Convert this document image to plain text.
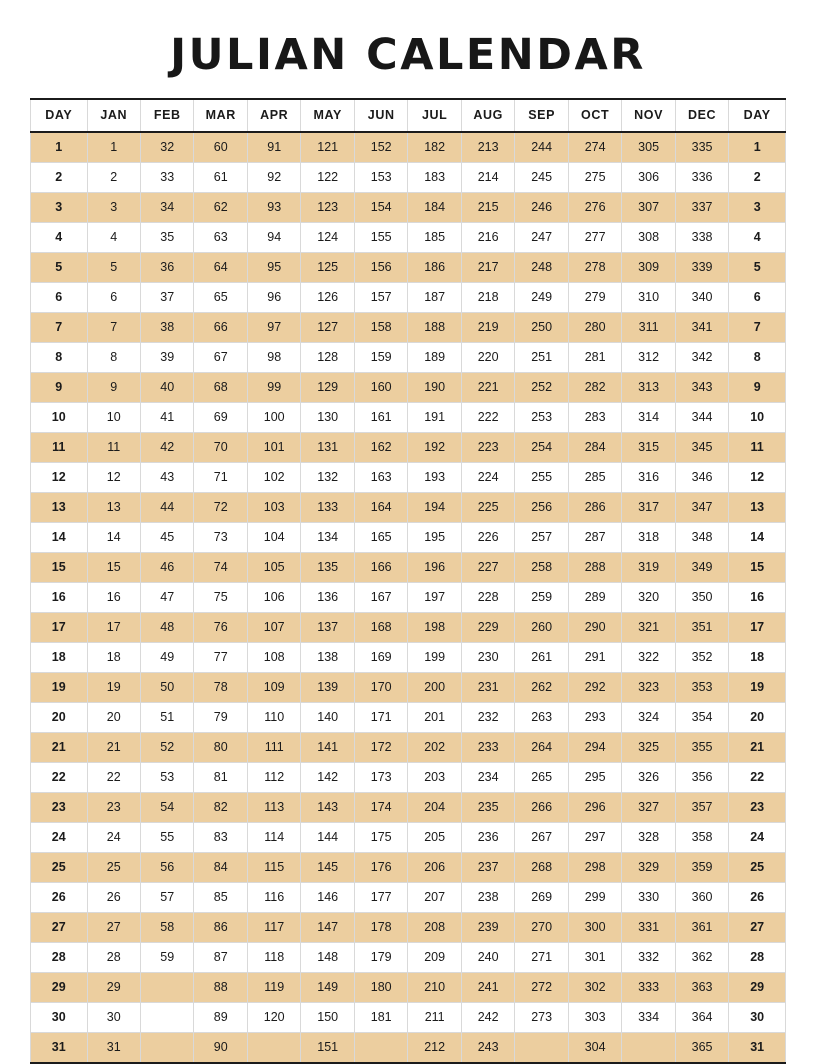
JULIAN CALENDAR
DAY	JAN	FEB	MAR	APR	MAY	JUN	JUL	AUG	SEP	OCT	NOV	DEC	DAY
1	1	32	60	91	121	152	182	213	244	274	305	335	1
2	2	33	61	92	122	153	183	214	245	275	306	336	2
3	3	34	62	93	123	154	184	215	246	276	307	337	3
4	4	35	63	94	124	155	185	216	247	277	308	338	4
5	5	36	64	95	125	156	186	217	248	278	309	339	5
6	6	37	65	96	126	157	187	218	249	279	310	340	6
7	7	38	66	97	127	158	188	219	250	280	311	341	7
8	8	39	67	98	128	159	189	220	251	281	312	342	8
9	9	40	68	99	129	160	190	221	252	282	313	343	9
10	10	41	69	100	130	161	191	222	253	283	314	344	10
11	11	42	70	101	131	162	192	223	254	284	315	345	11
12	12	43	71	102	132	163	193	224	255	285	316	346	12
13	13	44	72	103	133	164	194	225	256	286	317	347	13
14	14	45	73	104	134	165	195	226	257	287	318	348	14
15	15	46	74	105	135	166	196	227	258	288	319	349	15
16	16	47	75	106	136	167	197	228	259	289	320	350	16
17	17	48	76	107	137	168	198	229	260	290	321	351	17
18	18	49	77	108	138	169	199	230	261	291	322	352	18
19	19	50	78	109	139	170	200	231	262	292	323	353	19
20	20	51	79	110	140	171	201	232	263	293	324	354	20
21	21	52	80	111	141	172	202	233	264	294	325	355	21
22	22	53	81	112	142	173	203	234	265	295	326	356	22
23	23	54	82	113	143	174	204	235	266	296	327	357	23
24	24	55	83	114	144	175	205	236	267	297	328	358	24
25	25	56	84	115	145	176	206	237	268	298	329	359	25
26	26	57	85	116	146	177	207	238	269	299	330	360	26
27	27	58	86	117	147	178	208	239	270	300	331	361	27
28	28	59	87	118	148	179	209	240	271	301	332	362	28
29	29		88	119	149	180	210	241	272	302	333	363	29
30	30		89	120	150	181	211	242	273	303	334	364	30
31	31		90		151		212	243		304		365	31
